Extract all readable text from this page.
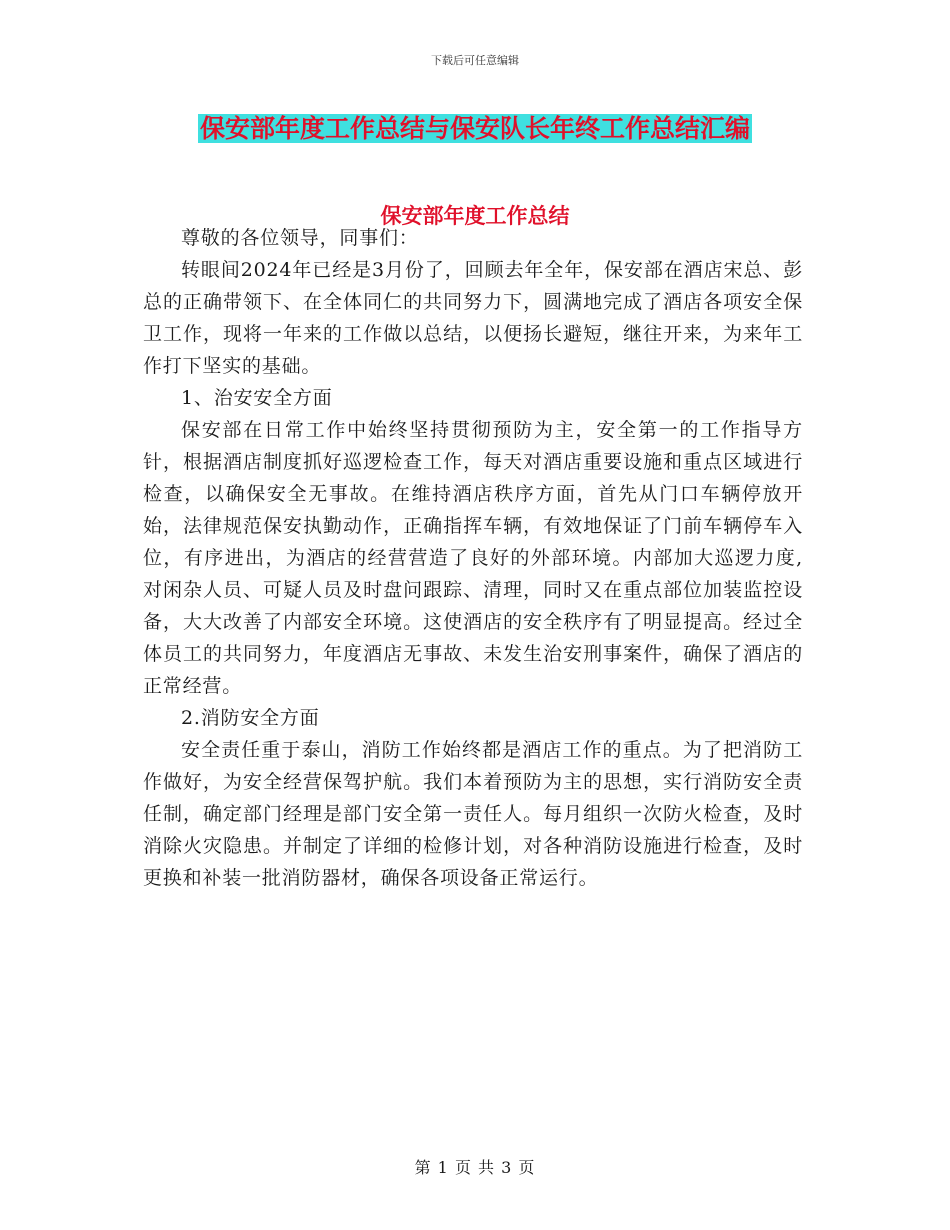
下载后可任意编辑
保安部年度工作总结与保安队长年终工作总结汇编
保安部年度工作总结

尊敬的各位领导，同事们：

转眼间2024年已经是3月份了，回顾去年全年，保安部在酒店宋总、彭总的正确带领下、在全体同仁的共同努力下，圆满地完成了酒店各项安全保卫工作，现将一年来的工作做以总结，以便扬长避短，继往开来，为来年工作打下坚实的基础。

1、治安安全方面

保安部在日常工作中始终坚持贯彻预防为主，安全第一的工作指导方针，根据酒店制度抓好巡逻检查工作，每天对酒店重要设施和重点区域进行检查，以确保安全无事故。在维持酒店秩序方面，首先从门口车辆停放开始，法律规范保安执勤动作，正确指挥车辆，有效地保证了门前车辆停车入位，有序进出，为酒店的经营营造了良好的外部环境。内部加大巡逻力度,对闲杂人员、可疑人员及时盘问跟踪、清理，同时又在重点部位加装监控设备，大大改善了内部安全环境。这使酒店的安全秩序有了明显提高。经过全体员工的共同努力，年度酒店无事故、未发生治安刑事案件，确保了酒店的正常经营。

2.消防安全方面

安全责任重于泰山，消防工作始终都是酒店工作的重点。为了把消防工作做好，为安全经营保驾护航。我们本着预防为主的思想，实行消防安全责任制，确定部门经理是部门安全第一责任人。每月组织一次防火检查，及时消除火灾隐患。并制定了详细的检修计划，对各种消防设施进行检查，及时更换和补装一批消防器材，确保各项设备正常运行。

第 1 页 共 3 页
